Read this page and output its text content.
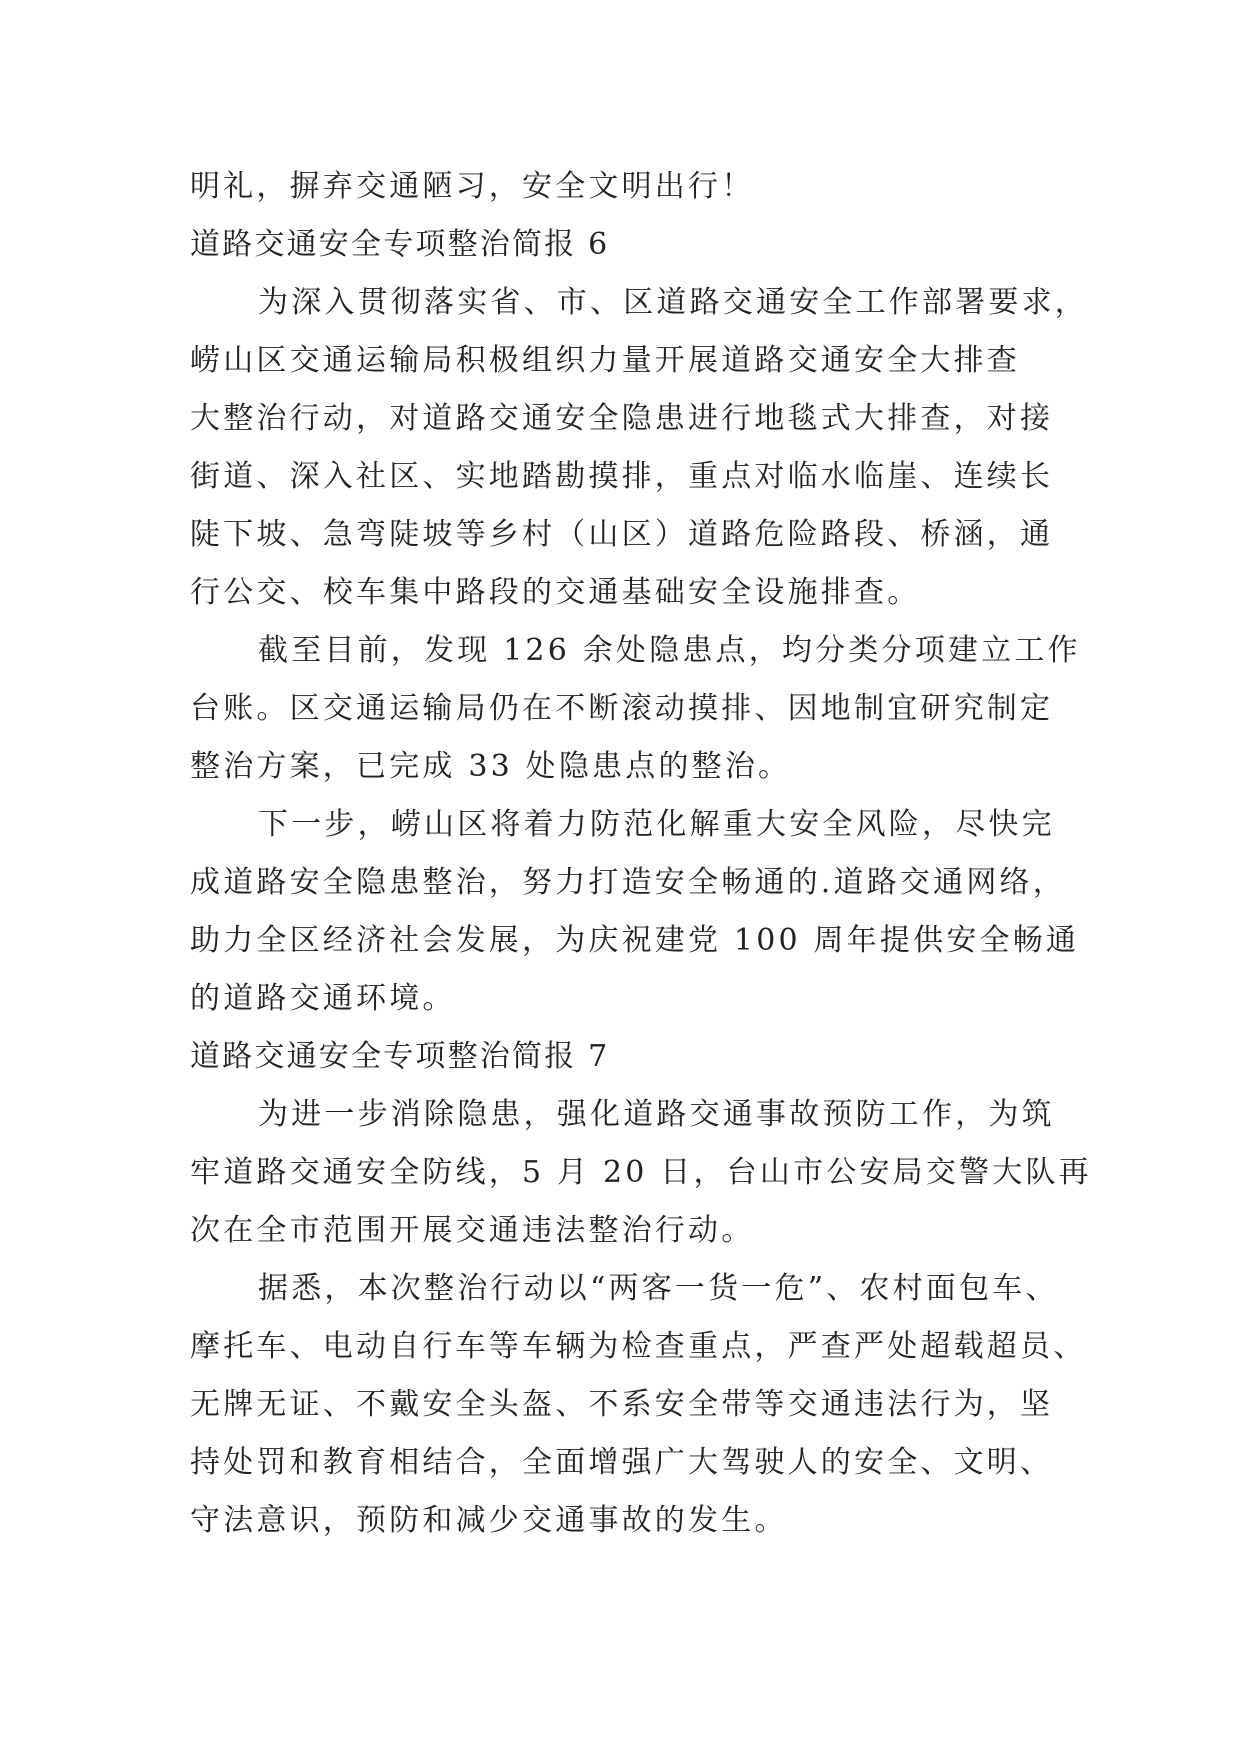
明礼，摒弃交通陋习，安全文明出行！
道路交通安全专项整治简报 6
为深入贯彻落实省、市、区道路交通安全工作部署要求，
崂山区交通运输局积极组织力量开展道路交通安全大排查
大整治行动，对道路交通安全隐患进行地毯式大排查，对接
街道、深入社区、实地踏勘摸排，重点对临水临崖、连续长
陡下坡、急弯陡坡等乡村（山区）道路危险路段、桥涵，通
行公交、校车集中路段的交通基础安全设施排查。
截至目前，发现 126 余处隐患点，均分类分项建立工作
台账。区交通运输局仍在不断滚动摸排、因地制宜研究制定
整治方案，已完成 33 处隐患点的整治。
下一步，崂山区将着力防范化解重大安全风险，尽快完
成道路安全隐患整治，努力打造安全畅通的.道路交通网络，
助力全区经济社会发展，为庆祝建党 100 周年提供安全畅通
的道路交通环境。
道路交通安全专项整治简报 7
为进一步消除隐患，强化道路交通事故预防工作，为筑
牢道路交通安全防线，5 月 20 日，台山市公安局交警大队再
次在全市范围开展交通违法整治行动。
据悉，本次整治行动以“两客一货一危”、农村面包车、
摩托车、电动自行车等车辆为检查重点，严查严处超载超员、
无牌无证、不戴安全头盔、不系安全带等交通违法行为，坚
持处罚和教育相结合，全面增强广大驾驶人的安全、文明、
守法意识，预防和减少交通事故的发生。
